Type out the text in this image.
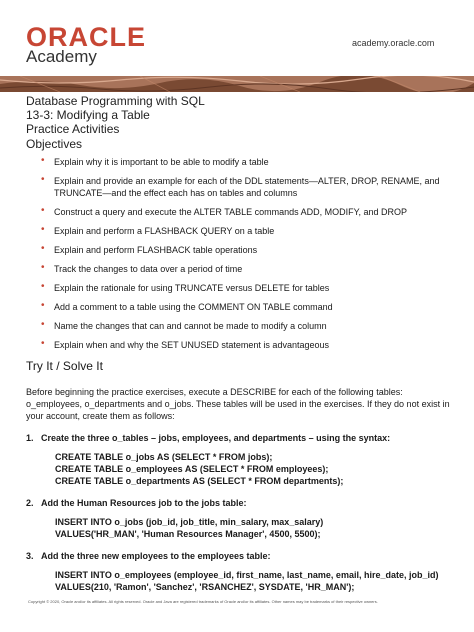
ORACLE
Academy
academy.oracle.com
Database Programming with SQL
13-3: Modifying a Table
Practice Activities
Objectives
• Explain why it is important to be able to modify a table
• Explain and provide an example for each of the DDL statements—ALTER, DROP, RENAME, and TRUNCATE—and the effect each has on tables and columns
• Construct a query and execute the ALTER TABLE commands ADD, MODIFY, and DROP
• Explain and perform a FLASHBACK QUERY on a table
• Explain and perform FLASHBACK table operations
• Track the changes to data over a period of time
• Explain the rationale for using TRUNCATE versus DELETE for tables
• Add a comment to a table using the COMMENT ON TABLE command
• Name the changes that can and cannot be made to modify a column
• Explain when and why the SET UNUSED statement is advantageous
Try It / Solve It
Before beginning the practice exercises, execute a DESCRIBE for each of the following tables: o_employees, o_departments and o_jobs. These tables will be used in the exercises. If they do not exist in your account, create them as follows:
1. Create the three o_tables – jobs, employees, and departments – using the syntax:
CREATE TABLE o_jobs AS (SELECT * FROM jobs);
CREATE TABLE o_employees AS (SELECT * FROM employees);
CREATE TABLE o_departments AS (SELECT * FROM departments);
2. Add the Human Resources job to the jobs table:
INSERT INTO o_jobs (job_id, job_title, min_salary, max_salary)
VALUES('HR_MAN', 'Human Resources Manager', 4500, 5500);
3. Add the three new employees to the employees table:
INSERT INTO o_employees (employee_id, first_name, last_name, email, hire_date, job_id)
VALUES(210, 'Ramon', 'Sanchez', 'RSANCHEZ', SYSDATE, 'HR_MAN');
Copyright © 2020, Oracle and/or its affiliates. All rights reserved. Oracle and Java are registered trademarks of Oracle and/or its affiliates. Other names may be trademarks of their respective owners.
